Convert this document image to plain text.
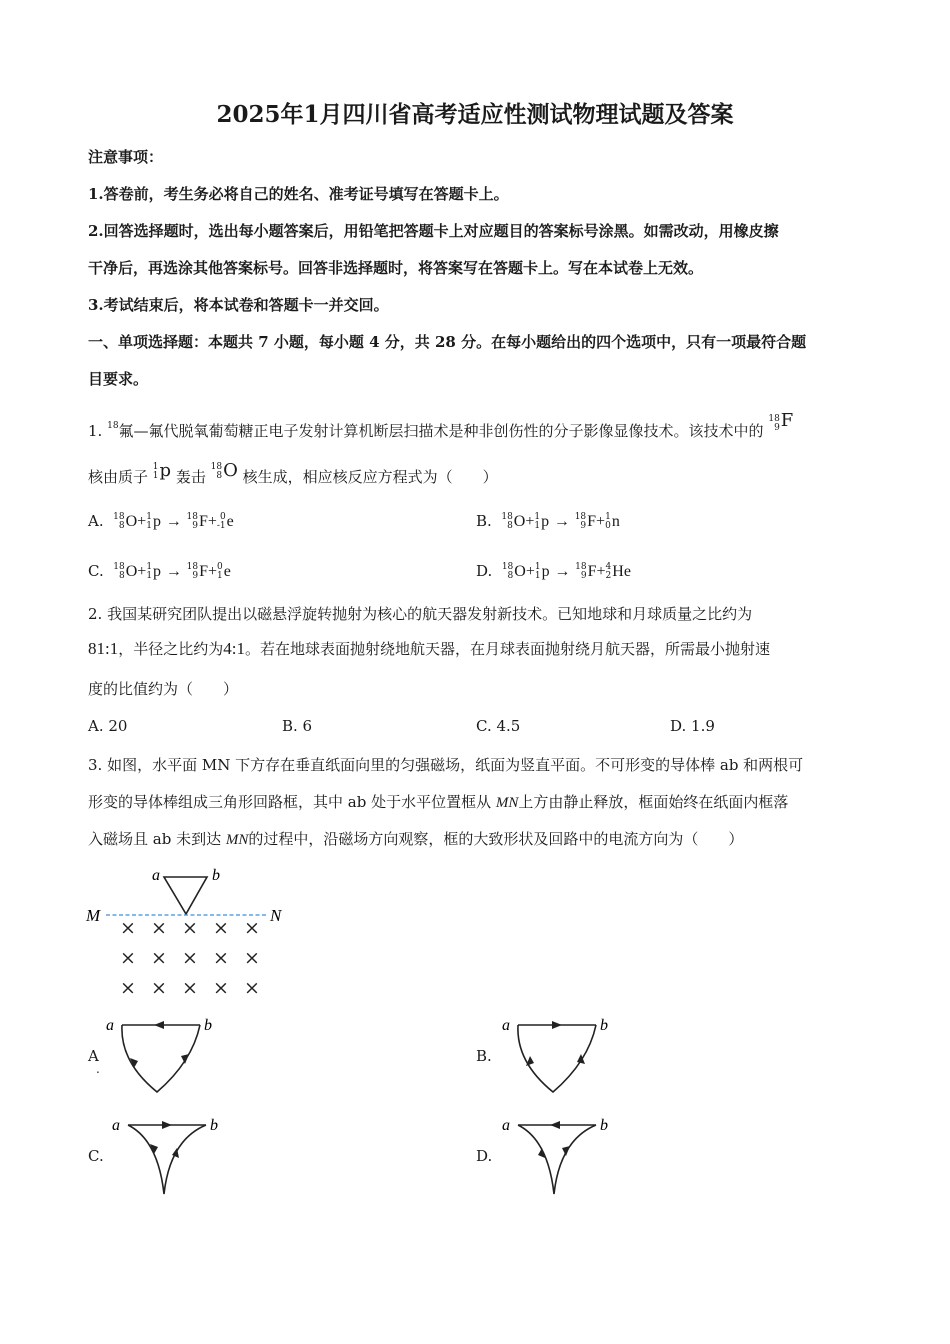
2025年1月四川省高考适应性测试物理试题及答案
注意事项：
1.答卷前，考生务必将自己的姓名、准考证号填写在答题卡上。
2.回答选择题时，选出每小题答案后，用铅笔把答题卡上对应题目的答案标号涂黑。如需改动，用橡皮擦
干净后，再选涂其他答案标号。回答非选择题时，将答案写在答题卡上。写在本试卷上无效。
3.考试结束后，将本试卷和答题卡一并交回。
一、单项选择题：本题共 7 小题，每小题 4 分，共 28 分。在每小题给出的四个选项中，只有一项最符合题
目要求。
1. $^{18}$氟—氟代脱氧葡萄糖正电子发射计算机断层扫描术是种非创伤性的分子影像显像技术。该技术中的
18
9 F
核由质子
1
1 p 轰击
18
8 O 核生成，相应核反应方程式为（　　）
A. 18
8 O+ 1
1 p → 18
9 F+ 0
-1 e	B. 18
8 O+ 1
1 p → 18
9 F+ 1
0 n
C. 18
8 O+ 1
1 p → 18
9 F+ 0
1 e	D. 18
8 O+ 1
1 p → 18
9 F+ 4
2 He
2. 我国某研究团队提出以磁悬浮旋转抛射为核心的航天器发射新技术。已知地球和月球质量之比约为
81:1，半径之比约为4:1。若在地球表面抛射绕地航天器，在月球表面抛射绕月航天器，所需最小抛射速
度的比值约为（　　）
A. 20	B. 6	C. 4.5	D. 1.9
3. 如图，水平面 MN 下方存在垂直纸面向里的匀强磁场，纸面为竖直平面。不可形变的导体棒 ab 和两根可
形变的导体棒组成三角形回路框，其中 ab 处于水平位置框从 MN上方由静止释放，框面始终在纸面内框落
入磁场且 ab 未到达 MN的过程中，沿磁场方向观察，框的大致形状及回路中的电流方向为（　　）
a	b
M	N
× × × × ×
× × × × ×
× × × × ×
A
.
a	b
B.
a	b
C.
a	b
D.
a	b
